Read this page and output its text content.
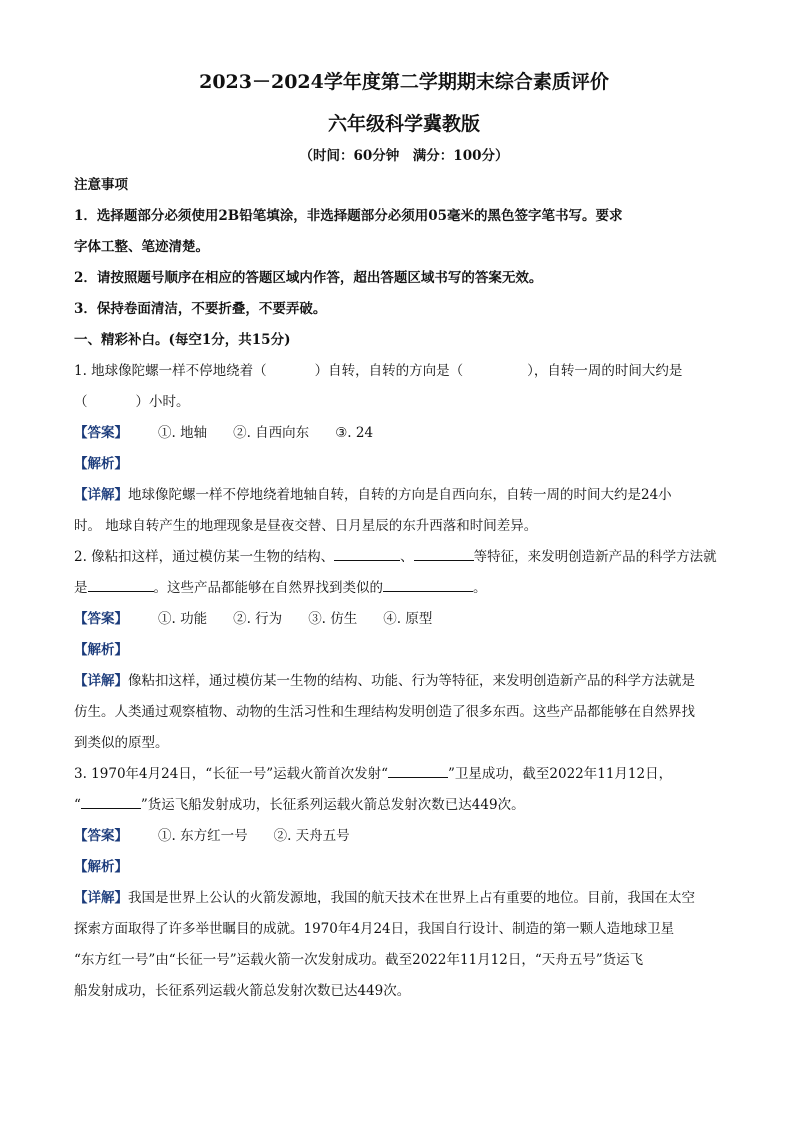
2023－2024学年度第二学期期末综合素质评价
六年级科学冀教版
（时间：60分钟　满分：100分）
注意事项
1．选择题部分必须使用2B铅笔填涂，非选择题部分必须用05毫米的黑色签字笔书写。要求
字体工整、笔迹清楚。
2．请按照题号顺序在相应的答题区域内作答，超出答题区域书写的答案无效。
3．保持卷面清洁，不要折叠，不要弄破。
一、精彩补白。(每空1分，共15分)
1. 地球像陀螺一样不停地绕着（	）自转，自转的方向是（	），自转一周的时间大约是
（	）小时。
【答案】 ①. 地轴 ②. 自西向东 ③. 24
【解析】
【详解】地球像陀螺一样不停地绕着地轴自转，自转的方向是自西向东，自转一周的时间大约是24小
时。 地球自转产生的地理现象是昼夜交替、日月星辰的东升西落和时间差异。
2. 像粘扣这样，通过模仿某一生物的结构、	、	等特征，来发明创造新产品的科学方法就
是	。这些产品都能够在自然界找到类似的	。
【答案】 ①. 功能 ②. 行为 ③. 仿生 ④. 原型
【解析】
【详解】像粘扣这样，通过模仿某一生物的结构、功能、行为等特征，来发明创造新产品的科学方法就是
仿生。人类通过观察植物、动物的生活习性和生理结构发明创造了很多东西。这些产品都能够在自然界找
到类似的原型。
3. 1970年4月24日，“长征一号”运载火箭首次发射“	”卫星成功，截至2022年11月12日，
“	”货运飞船发射成功，长征系列运载火箭总发射次数已达449次。
【答案】 ①. 东方红一号 ②. 天舟五号
【解析】
【详解】我国是世界上公认的火箭发源地，我国的航天技术在世界上占有重要的地位。目前，我国在太空
探索方面取得了许多举世瞩目的成就。1970年4月24日，我国自行设计、制造的第一颗人造地球卫星
“东方红一号”由“长征一号”运载火箭一次发射成功。截至2022年11月12日，“天舟五号”货运飞
船发射成功，长征系列运载火箭总发射次数已达449次。
